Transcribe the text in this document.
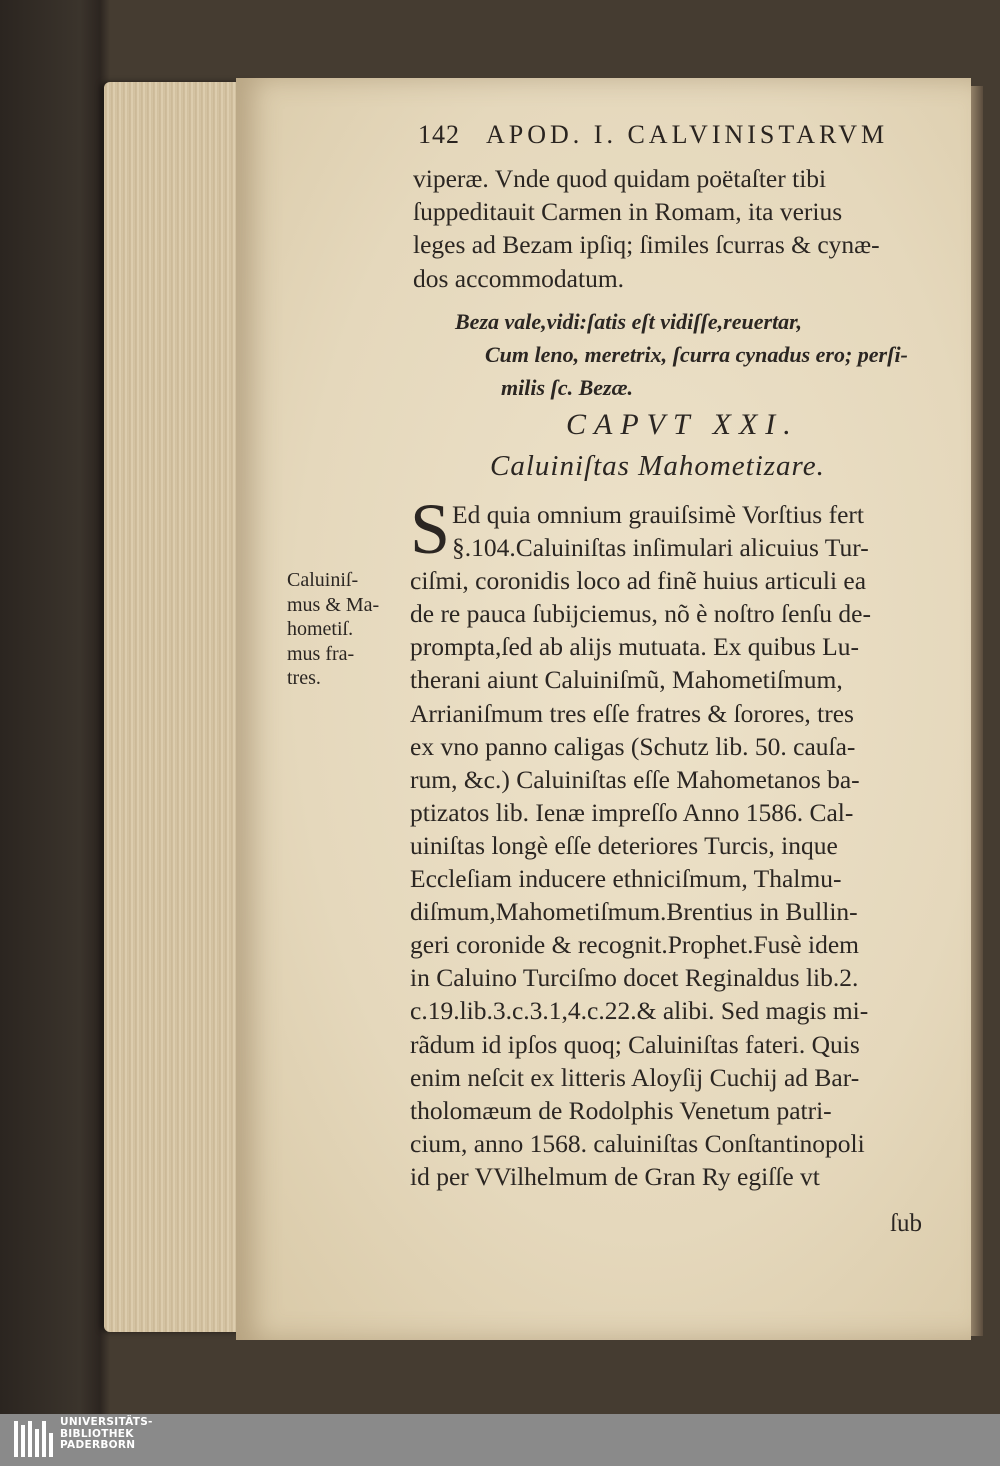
142 APOD. I. CALVINISTARVM
viperæ. Vnde quod quidam poëtaſter tibi
ſuppeditauit Carmen in Romam, ita verius
leges ad Bezam ipſiq; ſimiles ſcurras & cynæ-
dos accommodatum.
Beza vale,vidi:ſatis eſt vidiſſe,reuertar,
Cum leno, meretrix, ſcurra cynadus ero; perſi-
milis ſc. Bezæ.
CAPVT XXI.
Caluiniſtas Mahometizare.
S Ed quia omnium grauiſsimè Vorſtius fert
§.104.Caluiniſtas inſimulari alicuius Tur-
ciſmi, coronidis loco ad finẽ huius articuli ea
de re pauca ſubijciemus, nõ è noſtro ſenſu de-
prompta,ſed ab alijs mutuata. Ex quibus Lu-
therani aiunt Caluiniſmũ, Mahometiſmum,
Arrianiſmum tres eſſe fratres & ſorores, tres
ex vno panno caligas (Schutz lib. 50. cauſa-
rum, &c.) Caluiniſtas eſſe Mahometanos ba-
ptizatos lib. Ienæ impreſſo Anno 1586. Cal-
uiniſtas longè eſſe deteriores Turcis, inque
Eccleſiam inducere ethniciſmum, Thalmu-
diſmum,Mahometiſmum.Brentius in Bullin-
geri coronide & recognit.Prophet.Fusè idem
in Caluino Turciſmo docet Reginaldus lib.2.
c.19.lib.3.c.3.1,4.c.22.& alibi. Sed magis mi-
rãdum id ipſos quoq; Caluiniſtas fateri. Quis
enim neſcit ex litteris Aloyſij Cuchij ad Bar-
tholomæum de Rodolphis Venetum patri-
cium, anno 1568. caluiniſtas Conſtantinopoli
id per VVilhelmum de Gran Ry egiſſe vt
Caluiniſ-
mus & Ma-
hometiſ.
mus fra-
tres.
ſub
UNIVERSITÄTS-
BIBLIOTHEK
PADERBORN
